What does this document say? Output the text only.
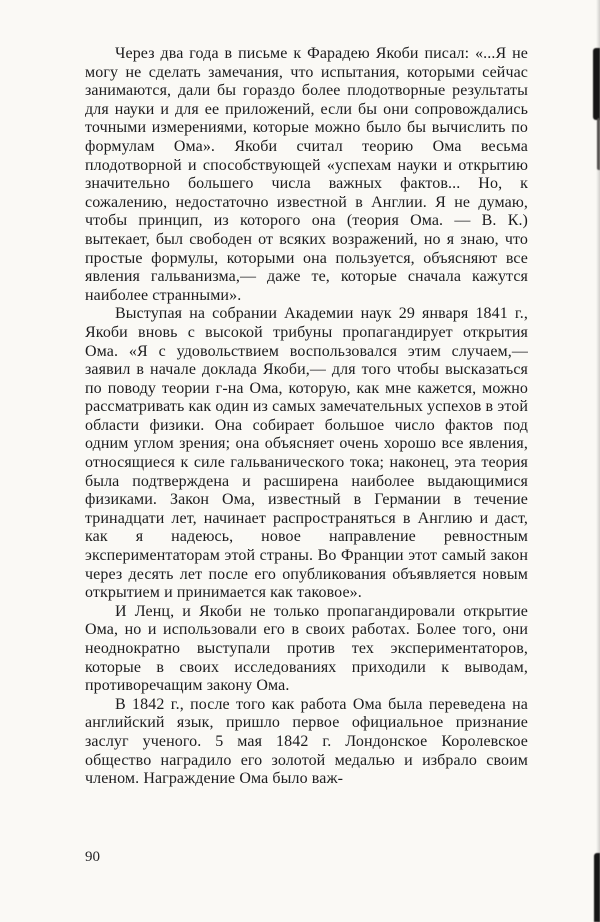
Через два года в письме к Фарадею Якоби писал: «...Я не могу не сделать замечания, что испытания, которыми сейчас занимаются, дали бы гораздо более плодотворные результаты для науки и для ее приложений, если бы они сопровождались точными измерениями, которые можно было бы вычислить по формулам Ома». Якоби считал теорию Ома весьма плодотворной и способствующей «успехам науки и открытию значительно большего числа важных фактов... Но, к сожалению, недостаточно известной в Англии. Я не думаю, чтобы принцип, из которого она (теория Ома. — В. К.) вытекает, был свободен от всяких возражений, но я знаю, что простые формулы, которыми она пользуется, объясняют все явления гальванизма,— даже те, которые сначала кажутся наиболее странными».

Выступая на собрании Академии наук 29 января 1841 г., Якоби вновь с высокой трибуны пропагандирует открытия Ома. «Я с удовольствием воспользовался этим случаем,— заявил в начале доклада Якоби,— для того чтобы высказаться по поводу теории г-на Ома, которую, как мне кажется, можно рассматривать как один из самых замечательных успехов в этой области физики. Она собирает большое число фактов под одним углом зрения; она объясняет очень хорошо все явления, относящиеся к силе гальванического тока; наконец, эта теория была подтверждена и расширена наиболее выдающимися физиками. Закон Ома, известный в Германии в течение тринадцати лет, начинает распространяться в Англию и даст, как я надеюсь, новое направление ревностным экспериментаторам этой страны. Во Франции этот самый закон через десять лет после его опубликования объявляется новым открытием и принимается как таковое».

И Ленц, и Якоби не только пропагандировали открытие Ома, но и использовали его в своих работах. Более того, они неоднократно выступали против тех экспериментаторов, которые в своих исследованиях приходили к выводам, противоречащим закону Ома.

В 1842 г., после того как работа Ома была переведена на английский язык, пришло первое официальное признание заслуг ученого. 5 мая 1842 г. Лондонское Королевское общество наградило его золотой медалью и избрало своим членом. Награждение Ома было важ-

90
